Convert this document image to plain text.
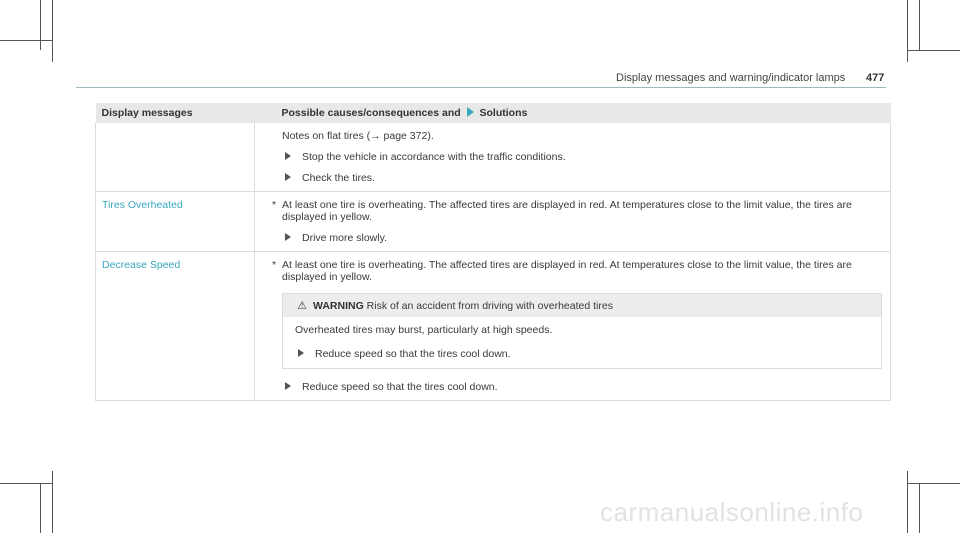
Display messages and warning/indicator lamps 477
Display messages	Possible causes/consequences and Solutions

	Notes on flat tires (→ page 372).
Stop the vehicle in accordance with the traffic conditions.
Check the tires.

Tires Overheated	* At least one tire is overheating. The affected tires are displayed in red. At temperatures close to the limit value, the tires are displayed in yellow.
Drive more slowly.

Decrease Speed	* At least one tire is overheating. The affected tires are displayed in red. At temperatures close to the limit value, the tires are displayed in yellow.
⚠ WARNING Risk of an accident from driving with overheated tires
Overheated tires may burst, particularly at high speeds.
Reduce speed so that the tires cool down.
Reduce speed so that the tires cool down.
carmanualsonline.info
